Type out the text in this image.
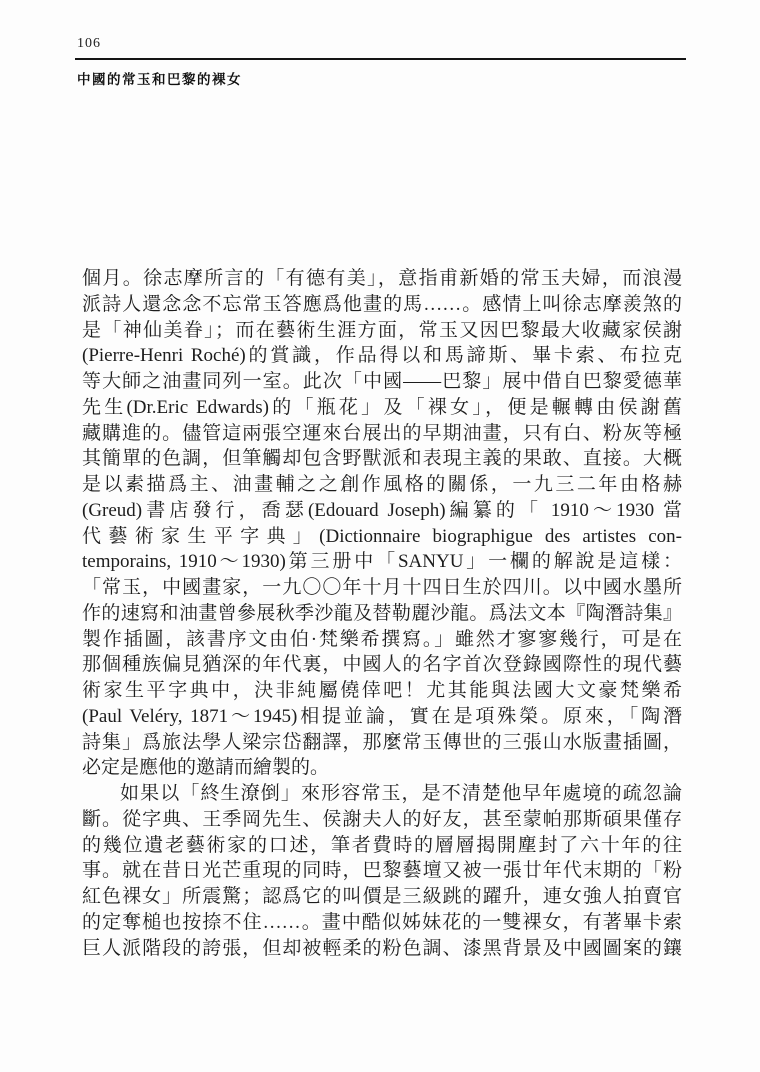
106
中國的常玉和巴黎的裸女
個月。徐志摩所言的「有德有美」，意指甫新婚的常玉夫婦，而浪漫
派詩人還念念不忘常玉答應爲他畫的馬……。感情上叫徐志摩羨煞的
是「神仙美眷」；而在藝術生涯方面，常玉又因巴黎最大收藏家侯謝
(Pierre-Henri Roché)的賞識，作品得以和馬諦斯、畢卡索、布拉克
等大師之油畫同列一室。此次「中國——巴黎」展中借自巴黎愛德華
先生(Dr.Eric Edwards)的「瓶花」及「裸女」，便是輾轉由侯謝舊
藏購進的。儘管這兩張空運來台展出的早期油畫，只有白、粉灰等極
其簡單的色調，但筆觸却包含野獸派和表現主義的果敢、直接。大概
是以素描爲主、油畫輔之之創作風格的關係，一九三二年由格赫
(Greud)書店發行，喬瑟(Edouard Joseph)編纂的「 1910～1930 當
代藝術家生平字典」(Dictionnaire biographigue des artistes con-
temporains, 1910～1930)第三册中「SANYU」一欄的解說是這樣：
「常玉，中國畫家，一九〇〇年十月十四日生於四川。以中國水墨所
作的速寫和油畫曾參展秋季沙龍及替勒麗沙龍。爲法文本『陶潛詩集』
製作插圖，該書序文由伯·梵樂希撰寫。」雖然才寥寥幾行，可是在
那個種族偏見猶深的年代裏，中國人的名字首次登錄國際性的現代藝
術家生平字典中，決非純屬僥倖吧！尤其能與法國大文豪梵樂希
(Paul Veléry, 1871～1945)相提並論，實在是項殊榮。原來，「陶潛
詩集」爲旅法學人梁宗岱翻譯，那麼常玉傳世的三張山水版畫插圖，
必定是應他的邀請而繪製的。
如果以「終生潦倒」來形容常玉，是不清楚他早年處境的疏忽論
斷。從字典、王季岡先生、侯謝夫人的好友，甚至蒙帕那斯碩果僅存
的幾位遺老藝術家的口述，筆者費時的層層揭開塵封了六十年的往
事。就在昔日光芒重現的同時，巴黎藝壇又被一張廿年代末期的「粉
紅色裸女」所震驚；認爲它的叫價是三級跳的躍升，連女強人拍賣官
的定奪槌也按捺不住……。畫中酷似姊妹花的一雙裸女，有著畢卡索
巨人派階段的誇張，但却被輕柔的粉色調、漆黑背景及中國圖案的鑲
